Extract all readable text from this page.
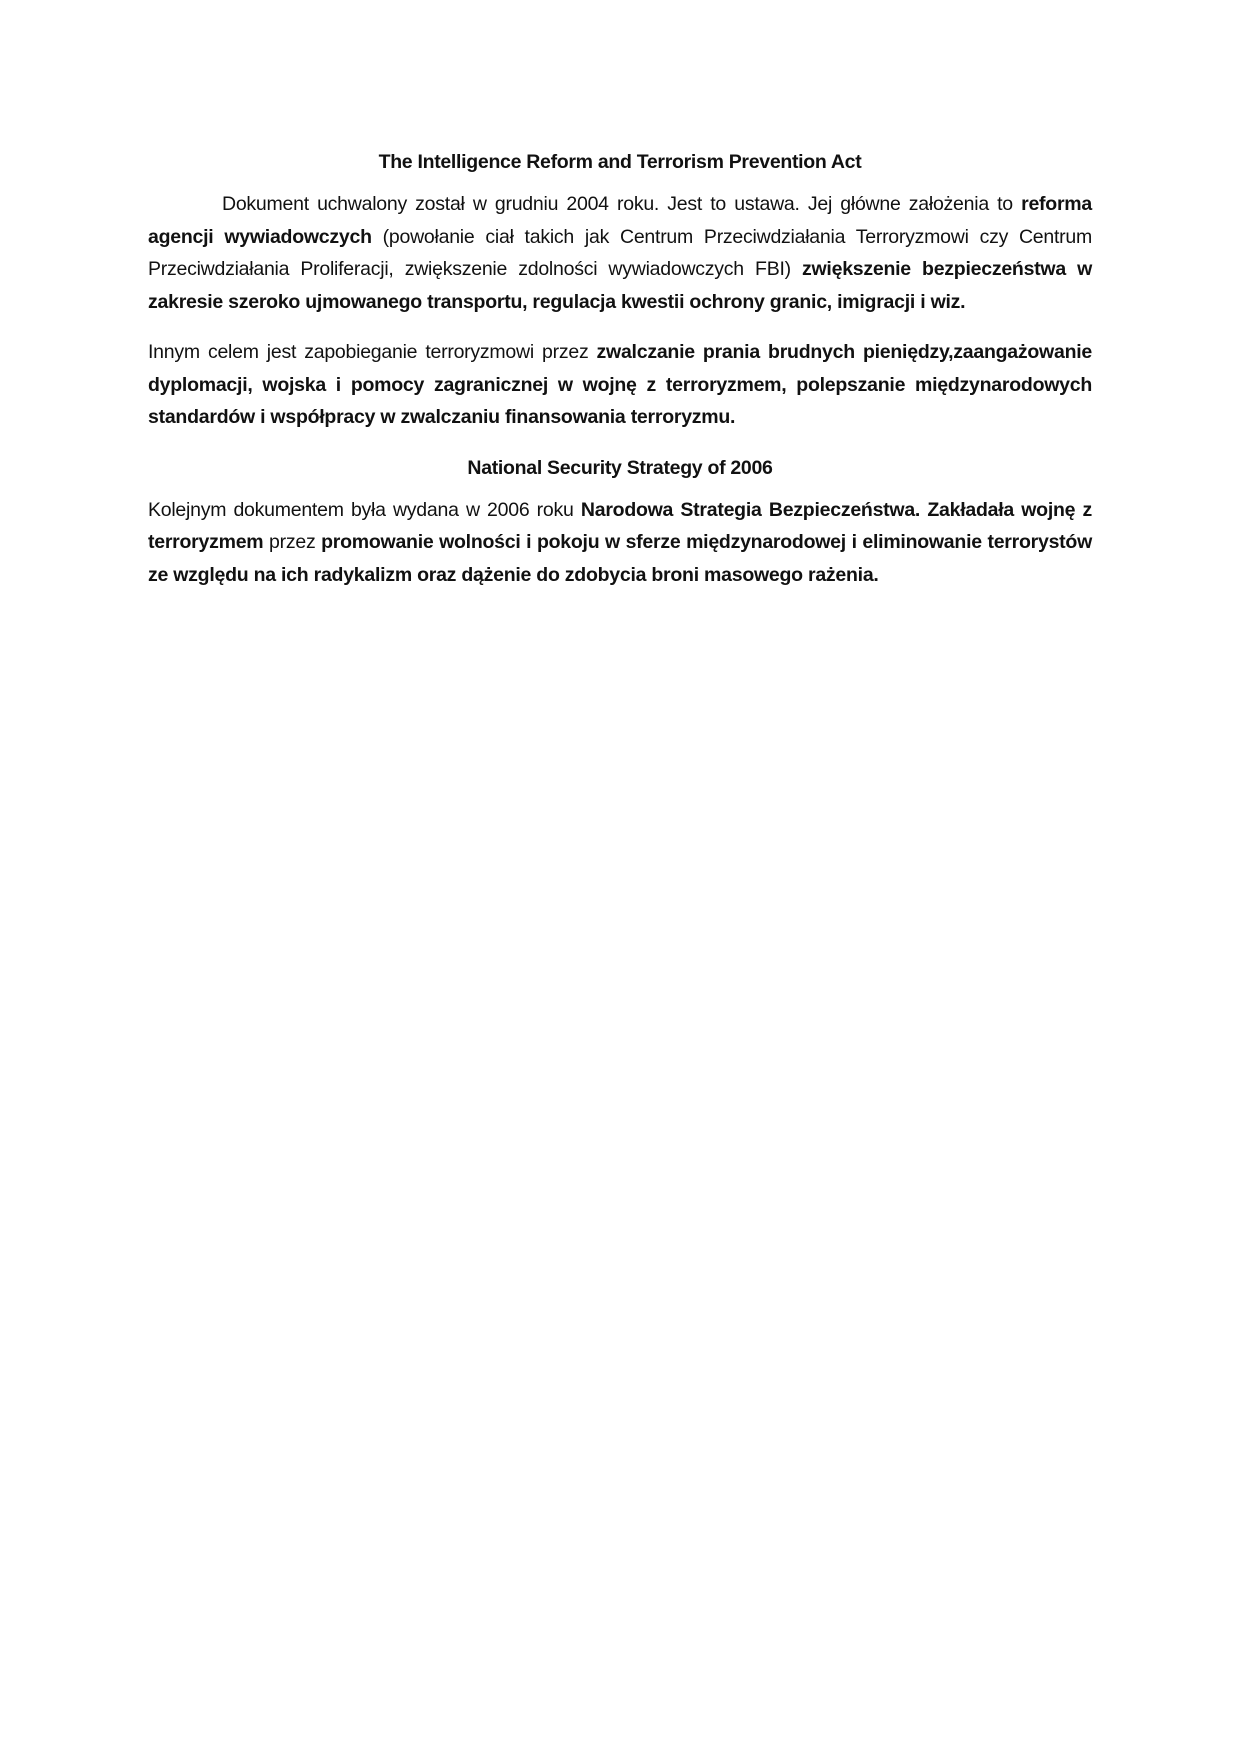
The Intelligence Reform and Terrorism Prevention Act

Dokument uchwalony został w grudniu 2004 roku. Jest to ustawa. Jej główne założenia to reforma agencji wywiadowczych (powołanie ciał takich jak Centrum Przeciwdziałania Terroryzmowi czy Centrum Przeciwdziałania Proliferacji, zwiększenie zdolności wywiadowczych FBI) zwiększenie bezpieczeństwa w zakresie szeroko ujmowanego transportu, regulacja kwestii ochrony granic, imigracji i wiz.

Innym celem jest zapobieganie terroryzmowi przez zwalczanie prania brudnych pieniędzy,zaangażowanie dyplomacji, wojska i pomocy zagranicznej w wojnę z terroryzmem, polepszanie międzynarodowych standardów i współpracy w zwalczaniu finansowania terroryzmu.

National Security Strategy of 2006

Kolejnym dokumentem była wydana w 2006 roku Narodowa Strategia Bezpieczeństwa. Zakładała wojnę z terroryzmem przez promowanie wolności i pokoju w sferze międzynarodowej i eliminowanie terrorystów ze względu na ich radykalizm oraz dążenie do zdobycia broni masowego rażenia.
